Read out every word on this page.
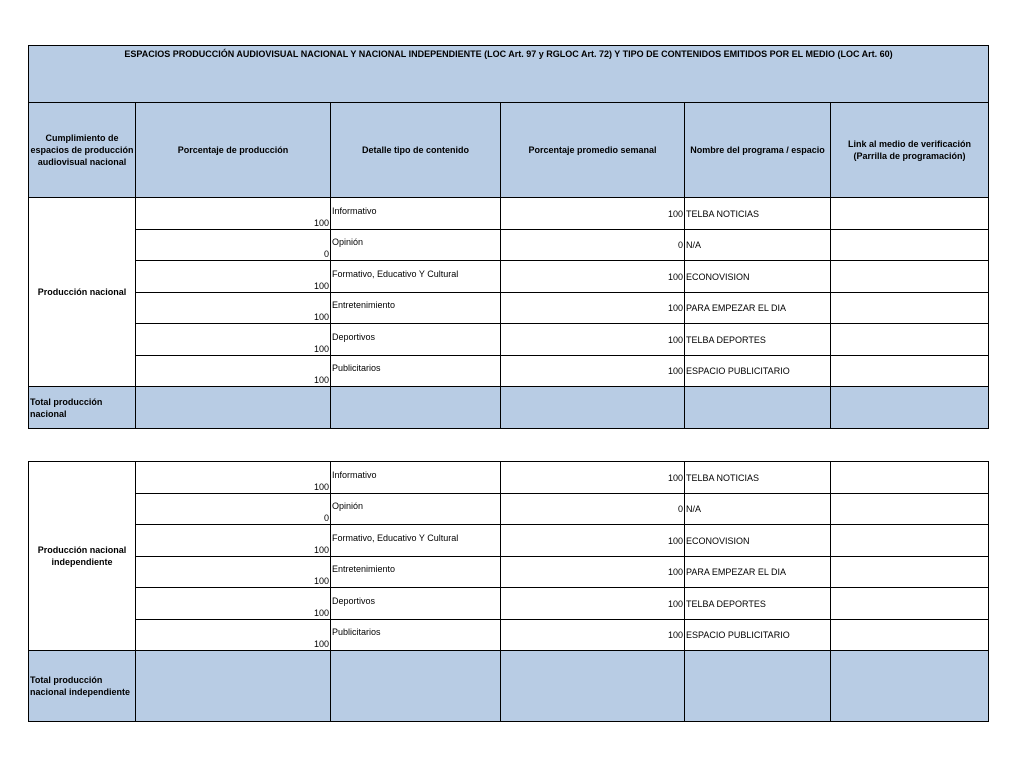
ESPACIOS PRODUCCIÓN AUDIOVISUAL NACIONAL Y NACIONAL INDEPENDIENTE (LOC Art. 97 y RGLOC Art. 72) Y TIPO DE CONTENIDOS EMITIDOS POR EL MEDIO (LOC Art. 60)					
Cumplimiento de espacios de producción audiovisual nacional	Porcentaje de producción	Detalle tipo de contenido	Porcentaje promedio semanal	Nombre del programa / espacio	Link al medio de verificación (Parrilla de programación)
Producción nacional	100	Informativo	100	TELBA NOTICIAS	
	0	Opinión	0	N/A	
	100	Formativo, Educativo Y Cultural	100	ECONOVISION	
	100	Entretenimiento	100	PARA EMPEZAR EL DIA	
	100	Deportivos	100	TELBA DEPORTES	
	100	Publicitarios	100	ESPACIO PUBLICITARIO	
Total producción nacional					
Producción nacional independiente	100	Informativo	100	TELBA NOTICIAS	
	0	Opinión	0	N/A	
	100	Formativo, Educativo Y Cultural	100	ECONOVISION	
	100	Entretenimiento	100	PARA EMPEZAR EL DIA	
	100	Deportivos	100	TELBA DEPORTES	
	100	Publicitarios	100	ESPACIO PUBLICITARIO	
Total producción nacional independiente					
